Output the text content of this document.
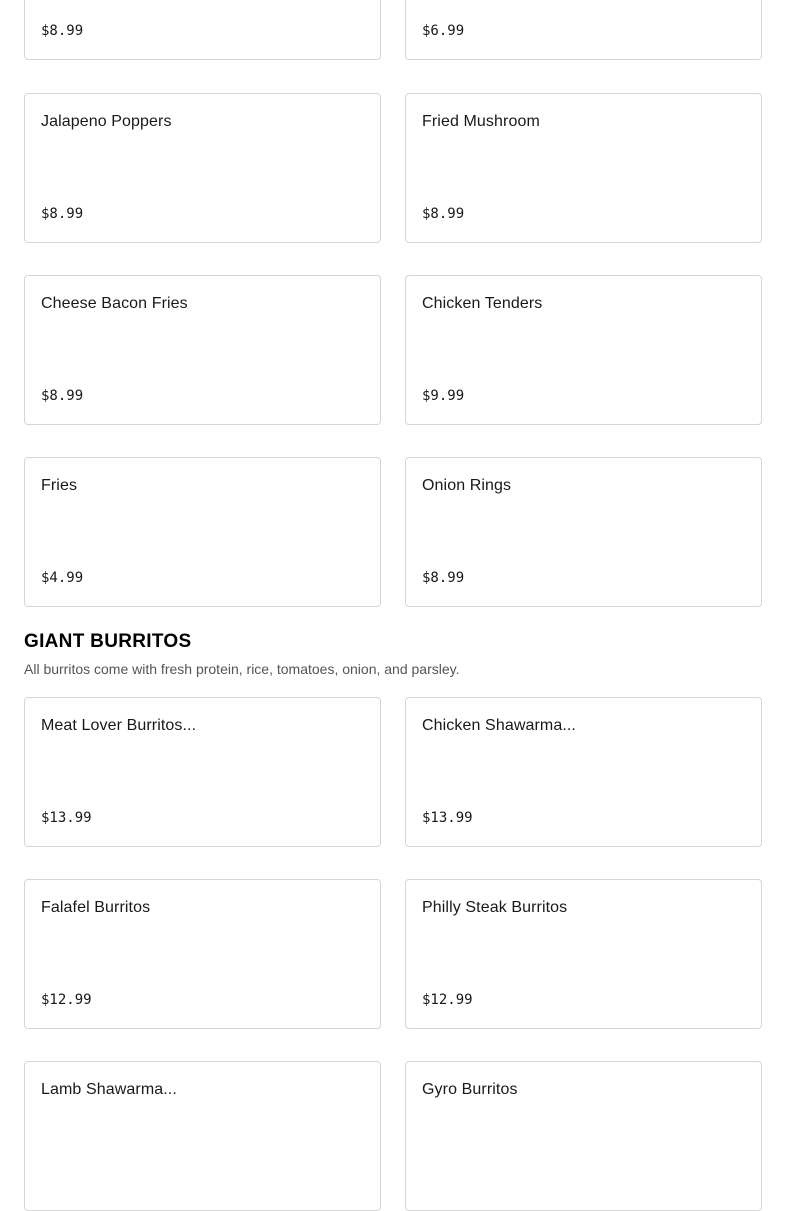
$8.99	$6.99
Jalapeno Poppers
$8.99
Fried Mushroom
$8.99
Cheese Bacon Fries
$8.99
Chicken Tenders
$9.99
Fries
$4.99
Onion Rings
$8.99
GIANT BURRITOS
All burritos come with fresh protein, rice, tomatoes, onion, and parsley.
Meat Lover Burritos...
$13.99
Chicken Shawarma...
$13.99
Falafel Burritos
$12.99
Philly Steak Burritos
$12.99
Lamb Shawarma...	Gyro Burritos
